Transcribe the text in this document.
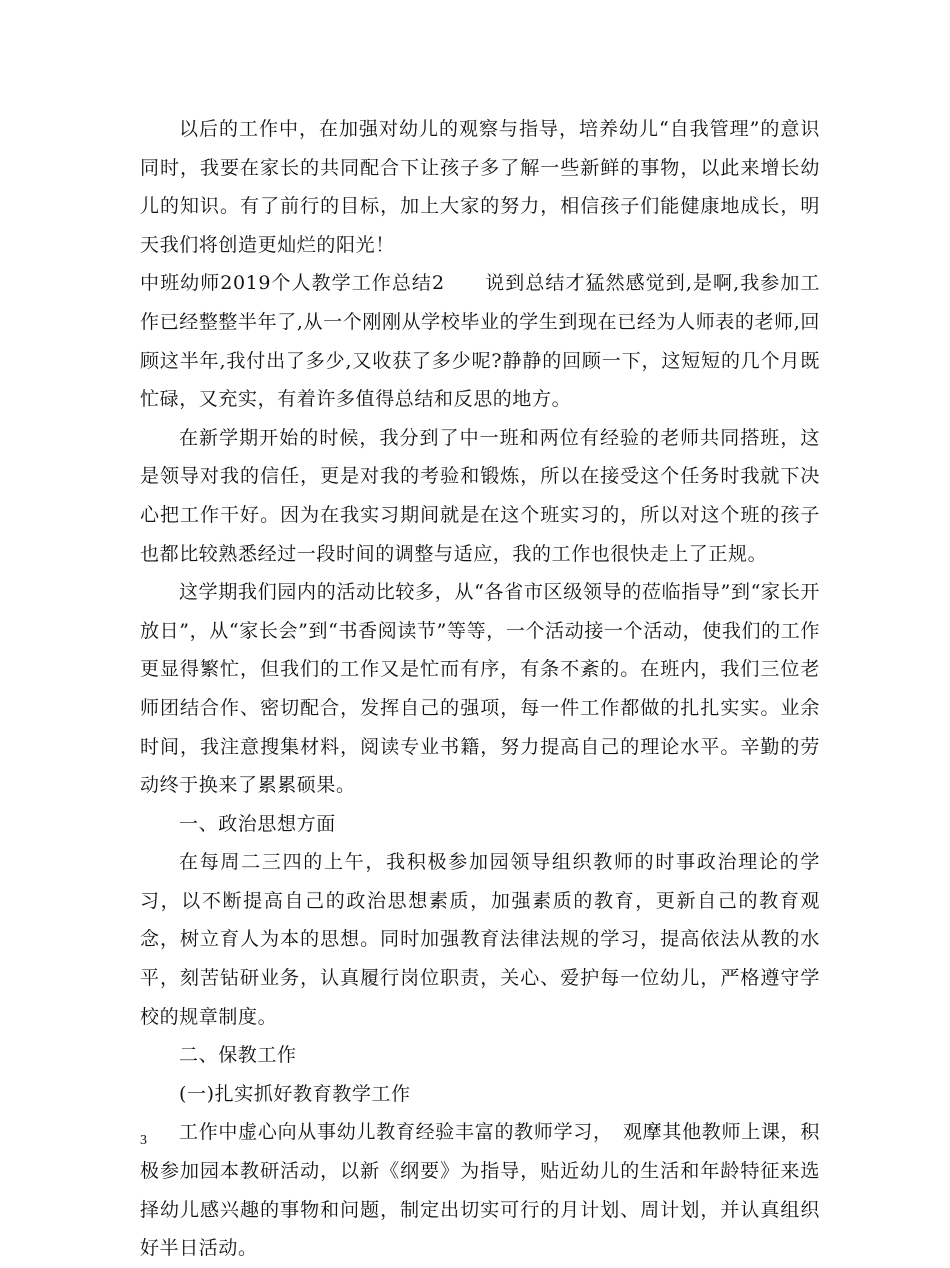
以后的工作中，在加强对幼儿的观察与指导，培养幼儿“自我管理”的意识同时，我要在家长的共同配合下让孩子多了解一些新鲜的事物，以此来增长幼儿的知识。有了前行的目标，加上大家的努力，相信孩子们能健康地成长，明天我们将创造更灿烂的阳光！

中班幼师2019个人教学工作总结2　　说到总结才猛然感觉到,是啊,我参加工作已经整整半年了,从一个刚刚从学校毕业的学生到现在已经为人师表的老师,回顾这半年,我付出了多少,又收获了多少呢?静静的回顾一下，这短短的几个月既忙碌，又充实，有着许多值得总结和反思的地方。

在新学期开始的时候，我分到了中一班和两位有经验的老师共同搭班，这是领导对我的信任，更是对我的考验和锻炼，所以在接受这个任务时我就下决心把工作干好。因为在我实习期间就是在这个班实习的，所以对这个班的孩子也都比较熟悉经过一段时间的调整与适应，我的工作也很快走上了正规。

这学期我们园内的活动比较多，从“各省市区级领导的莅临指导”到“家长开放日”，从“家长会”到“书香阅读节”等等，一个活动接一个活动，使我们的工作更显得繁忙，但我们的工作又是忙而有序，有条不紊的。在班内，我们三位老师团结合作、密切配合，发挥自己的强项，每一件工作都做的扎扎实实。业余时间，我注意搜集材料，阅读专业书籍，努力提高自己的理论水平。辛勤的劳动终于换来了累累硕果。

一、政治思想方面

在每周二三四的上午，我积极参加园领导组织教师的时事政治理论的学习，以不断提高自己的政治思想素质，加强素质的教育，更新自己的教育观念，树立育人为本的思想。同时加强教育法律法规的学习，提高依法从教的水平，刻苦钻研业务，认真履行岗位职责，关心、爱护每一位幼儿，严格遵守学校的规章制度。

二、保教工作

(一)扎实抓好教育教学工作

工作中虚心向从事幼儿教育经验丰富的教师学习，　观摩其他教师上课，积极参加园本教研活动，以新《纲要》为指导，贴近幼儿的生活和年龄特征来选择幼儿感兴趣的事物和问题，制定出切实可行的月计划、周计划，并认真组织好半日活动。

3
